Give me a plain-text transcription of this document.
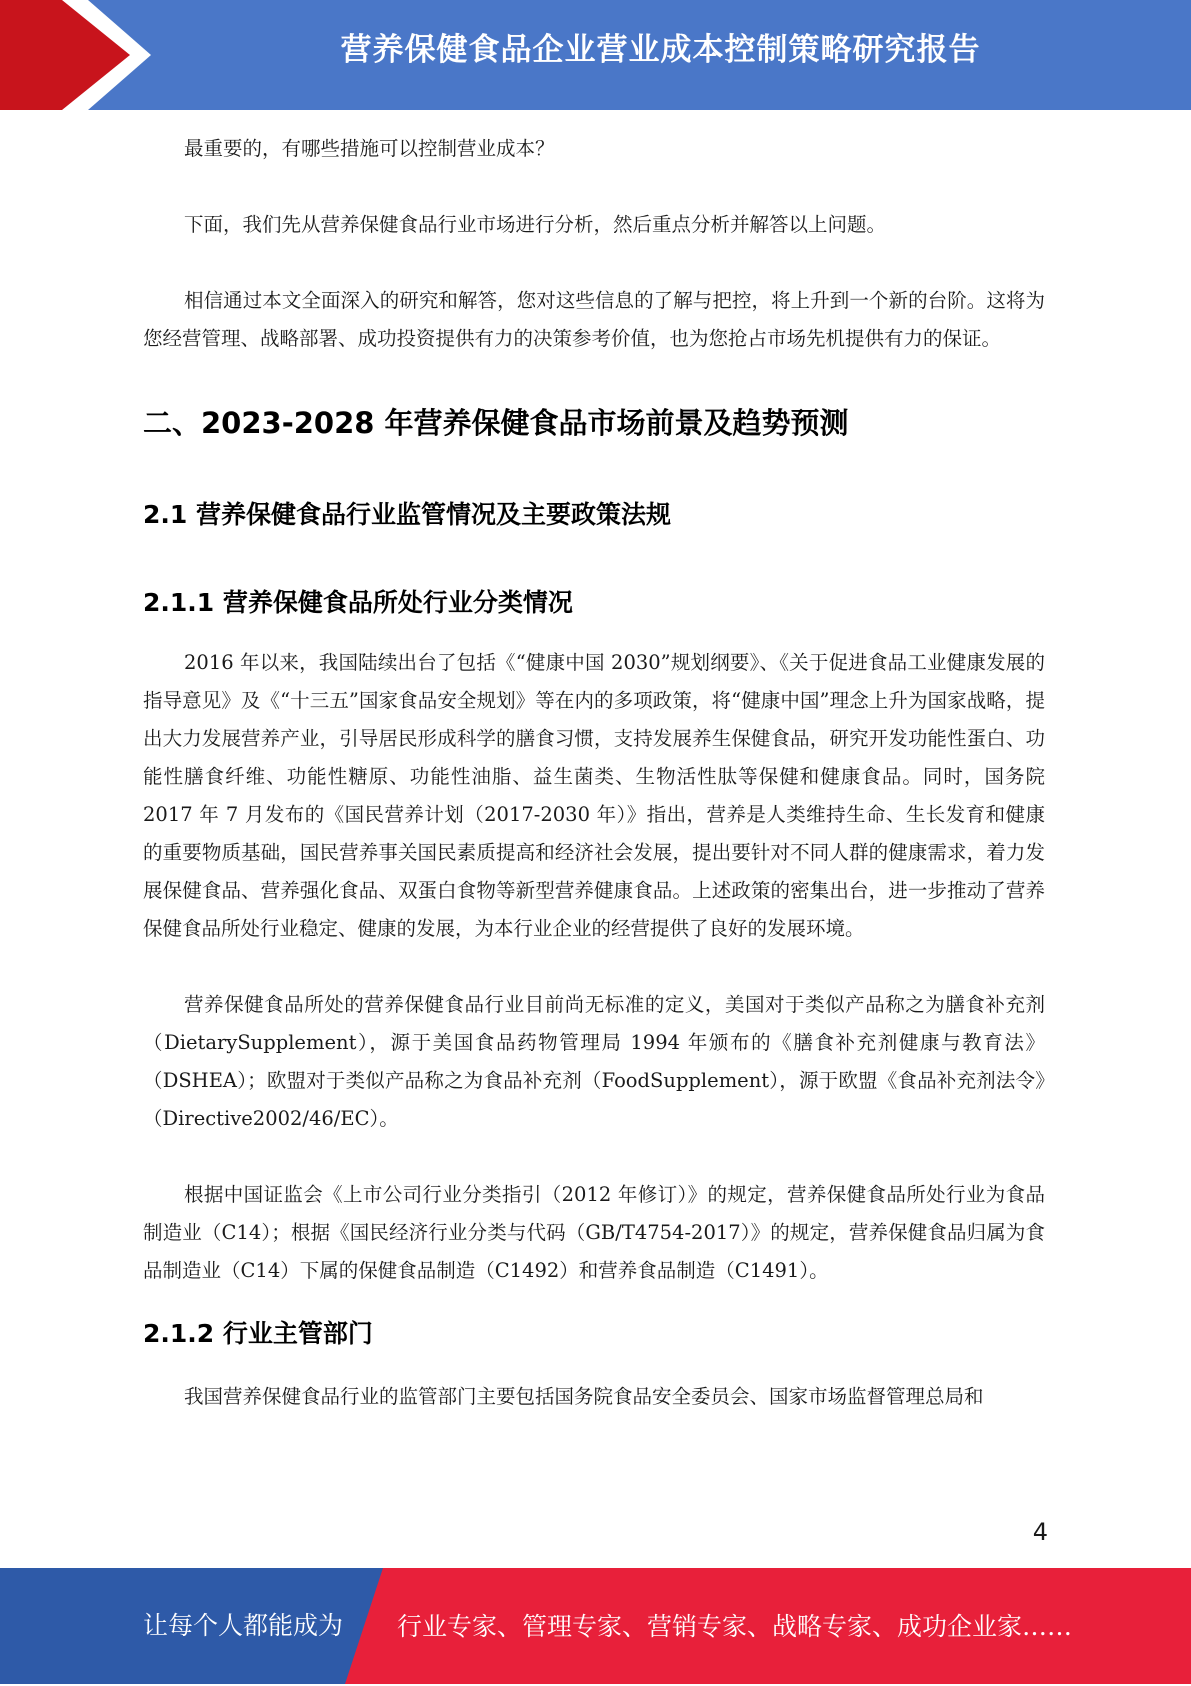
营养保健食品企业营业成本控制策略研究报告

最重要的，有哪些措施可以控制营业成本？

下面，我们先从营养保健食品行业市场进行分析，然后重点分析并解答以上问题。

相信通过本文全面深入的研究和解答，您对这些信息的了解与把控，将上升到一个新的台阶。这将为您经营管理、战略部署、成功投资提供有力的决策参考价值，也为您抢占市场先机提供有力的保证。

二、2023-2028 年营养保健食品市场前景及趋势预测
2.1 营养保健食品行业监管情况及主要政策法规
2.1.1 营养保健食品所处行业分类情况

2016 年以来，我国陆续出台了包括《“健康中国 2030”规划纲要》、《关于促进食品工业健康发展的指导意见》及《“十三五”国家食品安全规划》等在内的多项政策，将“健康中国”理念上升为国家战略，提出大力发展营养产业，引导居民形成科学的膳食习惯，支持发展养生保健食品，研究开发功能性蛋白、功能性膳食纤维、功能性糖原、功能性油脂、益生菌类、生物活性肽等保健和健康食品。同时，国务院 2017 年 7 月发布的《国民营养计划（2017-2030 年）》指出，营养是人类维持生命、生长发育和健康的重要物质基础，国民营养事关国民素质提高和经济社会发展，提出要针对不同人群的健康需求，着力发展保健食品、营养强化食品、双蛋白食物等新型营养健康食品。上述政策的密集出台，进一步推动了营养保健食品所处行业稳定、健康的发展，为本行业企业的经营提供了良好的发展环境。

营养保健食品所处的营养保健食品行业目前尚无标准的定义，美国对于类似产品称之为膳食补充剂（DietarySupplement），源于美国食品药物管理局 1994 年颁布的《膳食补充剂健康与教育法》（DSHEA）；欧盟对于类似产品称之为食品补充剂（FoodSupplement），源于欧盟《食品补充剂法令》（Directive2002/46/EC）。

根据中国证监会《上市公司行业分类指引（2012 年修订）》的规定，营养保健食品所处行业为食品制造业（C14）；根据《国民经济行业分类与代码（GB/T4754-2017）》的规定，营养保健食品归属为食品制造业（C14）下属的保健食品制造（C1492）和营养食品制造（C1491）。

2.1.2 行业主管部门

我国营养保健食品行业的监管部门主要包括国务院食品安全委员会、国家市场监督管理总局和

4
让每个人都能成为 行业专家、管理专家、营销专家、战略专家、成功企业家……
